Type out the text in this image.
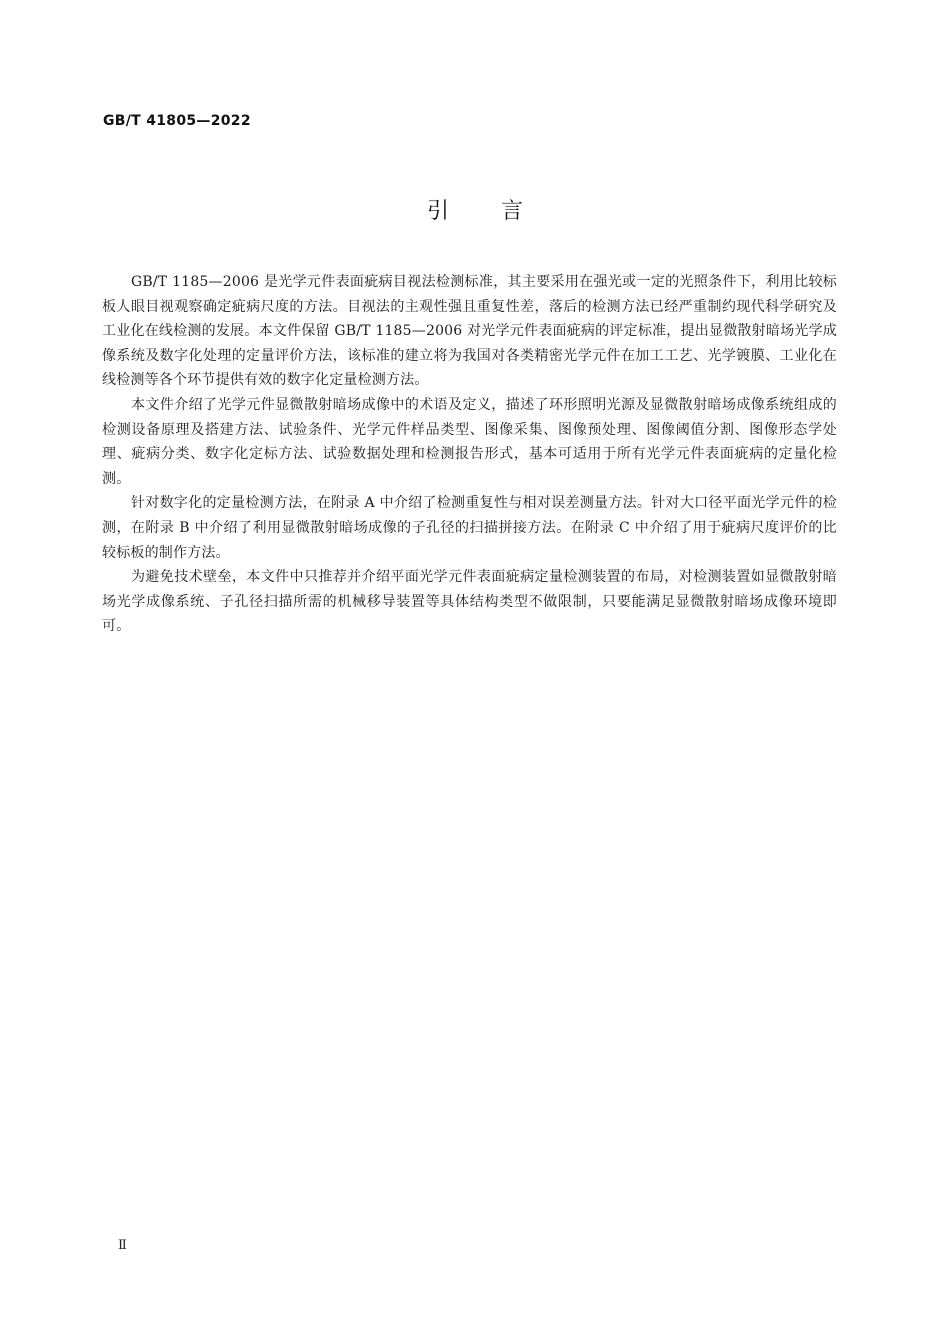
GB/T 41805—2022
引言

GB/T 1185—2006 是光学元件表面疵病目视法检测标准，其主要采用在强光或一定的光照条件下，利用比较标板人眼目视观察确定疵病尺度的方法。目视法的主观性强且重复性差，落后的检测方法已经严重制约现代科学研究及工业化在线检测的发展。本文件保留 GB/T 1185—2006 对光学元件表面疵病的评定标准，提出显微散射暗场光学成像系统及数字化处理的定量评价方法，该标准的建立将为我国对各类精密光学元件在加工工艺、光学镀膜、工业化在线检测等各个环节提供有效的数字化定量检测方法。

本文件介绍了光学元件显微散射暗场成像中的术语及定义，描述了环形照明光源及显微散射暗场成像系统组成的检测设备原理及搭建方法、试验条件、光学元件样品类型、图像采集、图像预处理、图像阈值分割、图像形态学处理、疵病分类、数字化定标方法、试验数据处理和检测报告形式，基本可适用于所有光学元件表面疵病的定量化检测。

针对数字化的定量检测方法，在附录 A 中介绍了检测重复性与相对误差测量方法。针对大口径平面光学元件的检测，在附录 B 中介绍了利用显微散射暗场成像的子孔径的扫描拼接方法。在附录 C 中介绍了用于疵病尺度评价的比较标板的制作方法。

为避免技术壁垒，本文件中只推荐并介绍平面光学元件表面疵病定量检测装置的布局，对检测装置如显微散射暗场光学成像系统、子孔径扫描所需的机械移导装置等具体结构类型不做限制，只要能满足显微散射暗场成像环境即可。

Ⅱ
